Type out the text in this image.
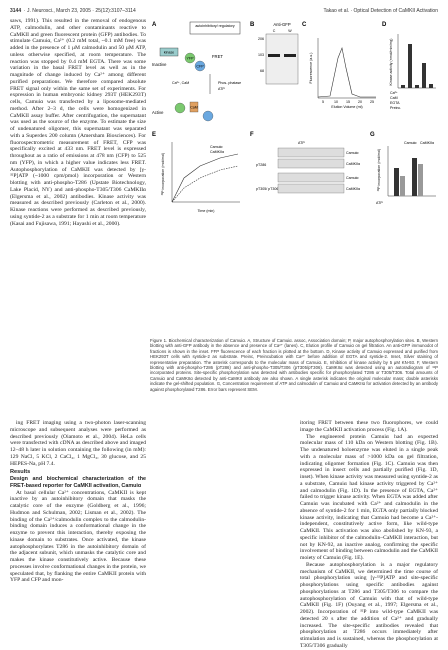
3144  · J. Neurosci., March 23, 2005 · 25(12):3107–3114	Takao et al. · Optical Detection of CaMKII Activation

saws, 1991). This resulted in the removal of endogenous ATP, calmodulin, and other contaminants reactive to CaMKII and green fluorescent protein (GFP) antibodies. To stimulate Camuiα, Ca²⁺ (0.2 mM total, ~0.1 mM free) was added in the presence of 1 μM calmodulin and 50 μM ATP, unless otherwise specified, at room temperature. The reaction was stopped by 0.4 mM EGTA. There was some variation in the basal FRET level as well as in the magnitude of change induced by Ca²⁺ among different purified preparations. We therefore compared absolute FRET signal only within the same set of experiments. For expression in human embryonic kidney 293T (HEK293T) cells, Camuiα was transfected by a liposome-mediated method. After 2–3 d, the cells were homogenized in CaMKII assay buffer. After centrifugation, the supernatant was used as the source of the enzyme. To estimate the size of undenatured oligomer, this supernatant was separated with a Superdex 200 column (Amersham Biosciences). For fluorospectrometric measurement of FRET, CFP was specifically excited at 433 nm. FRET level is expressed throughout as a ratio of emissions at 478 nm (CFP) to 525 nm (YFP), in which a higher value indicates less FRET. Autophosphorylation of CaMKII was detected by [γ-³²P]ATP (~1000 cpm/pmol) incorporation or Western blotting with anti-phospho-T286 (Upstate Biotechnology, Lake Placid, NY) and anti-phospho-T305/T306 CaMKIIα (Elgersma et al., 2002) antibodies. Kinase activity was measured as described previously (Carleton et al., 2000). Kinase reactions were performed as described previously, using syntide-2 as a substrate for 1 min at room temperature (Kasai and Fujisawa, 1991; Hayashi et al., 2000).

A	autoinhibitory/ regulatory
kinase
Inactive	CFP
YFP	FRET
Ca²⁺, CaM	Phos- phatase
ATP
Active
CaM
B	Anti-GFP
C	W
206
103
68
C
Elution Volume (ml)
Fluorescence (a.u.)
5	10 15 20 25
D
Kinase activity (nmol/min/mg)
Ca²⁺
CaM
EGTA
Preinc.
E
³²P incorporation (mol/mol)
Time (min)
Camuiα
CaMKIIα
F
ATP
pT286
pT305/ pT306
Camuiα
CaMKIIα
Camuiα
CaMKIIα
G
³²P incorporation (mol/mol)
ATP
Camuiα CaMKIIα
Figure 1. Biochemical characterization of Camuiα. A, Structure of Camuiα. assoc, Association domain; P, major autophosphorylation sites. B, Western blotting with anti-GFP antibody in the absence and presence of Ca²⁺ (lanes). C, Elution profile of Camuiα on gel filtration. An anti-GFP immunodot of fractions is shown in the inset. FFP fluorescence of each fraction is plotted at the bottom. D, Kinase activity of Camuiα expressed and purified from HEK293T cells with syntide-2 as substrate. Preinc, Preincubation with Ca²⁺ before addition of EGTA and syntide-2. Inset, Silver staining of representative preparation. The asterisk corresponds to the molecular mass of Camuiα. E, Inhibition of kinase activity by 5 μM KN-93. F, Western blotting with anti-phospho-T286 (pT286) and anti-phospho-T305/T306 (pT305/pT306). CaMKIIα was detected using an autoradiogram of ³²P incorporated proteins. Site-specific phosphorylation was detected with antibodies specific for phosphorylated T286 or T305/T306. Total amounts of Camuiα and CaMKIIα detected by anti-CaMKII antibody are also shown. A single asterisk indicates the original molecular mass; double asterisks indicate the gel-shifted population. G, Concentration requirement of ATP and calmodulin of Camuiα and CaMKIIα for activation detected by an antibody against phosphorylated T286. Error bars represent SEM.

ing FRET imaging using a two-photon laser-scanning microscope and subsequent analyses were performed as described previously (Oiamoto et al., 2004). HeLa cells were transfected with cDNA as described above and imaged 12–48 h later in solution containing the following (in mM): 129 NaCl, 5 KCl, 2 CaCl₂, 1 MgCl₂, 30 glucose, and 25 HEPES-Na, pH 7.4.

Results
Design and biochemical characterization of the FRET-based reporter for CaMKII activation, Camuiα

At basal cellular Ca²⁺ concentrations, CaMKII is kept inactive by an autoinhibitory domain that masks the catalytic core of the enzyme (Goldberg et al., 1996; Hudmon and Schulman, 2002; Lisman et al., 2002). The binding of the Ca²⁺/calmodulin complex to the calmodulin-binding domain induces a conformational change in the enzyme to prevent this interaction, thereby exposing the kinase domain to substrates. Once activated, the kinase autophosphorylates T286 in the autoinhibitory domain of the adjacent subunit, which unmasks the catalytic core and makes the kinase constitutively active. Because these processes involve conformational changes in the protein, we speculated that, by flanking the entire CaMKII protein with YFP and CFP and mon-

itoring FRET between these two fluorophores, we could image the CaMKII activation process (Fig. 1A).

The engineered protein Camuiα had an expected molecular mass of 110 kDa on Western blotting (Fig. 1B). The undenatured holoenzyme was eluted in a single peak with a molecular mass of >1000 kDa on gel filtration, indicating oligomer formation (Fig. 1C). Camuiα was then expressed in insect cells and partially purified (Fig. 1D, inset). When kinase activity was measured using syntide-2 as a substrate, Camuiα had kinase activity triggered by Ca²⁺ and calmodulin (Fig. 1D). In the presence of EGTA, Ca²⁺ failed to trigger kinase activity. When EGTA was added after Camuiα was incubated with Ca²⁺ and calmodulin in the absence of syntide-2 for 1 min, EGTA only partially blocked kinase activity, indicating that Camuiα had become a Ca²⁺-independent, constitutively active form, like wild-type CaMKII. This activation was also abolished by KN-93, a specific inhibitor of the calmodulin–CaMKII interaction, but not by KN-92, an inactive analog, confirming the specific involvement of binding between calmodulin and the CaMKII moiety of Camuiα (Fig. 1E).

Because autophosphorylation is a major regulatory mechanism of CaMKII, we determined the time course of total phosphorylation using [γ-³²P]ATP and site-specific phosphorylations using specific antibodies against phosphorylations at T286 and T305/T306 to compare the autophosphorylation of Camuiα with that of wild-type CaMKII (Fig. 1F) (Ouyang et al., 1997; Elgersma et al., 2002). Incorporation of ³²P into wild-type CaMKII was detected 20 s after the addition of Ca²⁺ and gradually increased. The site-specific antibodies revealed that phosphorylation at T286 occurs immediately after stimulation and is sustained, whereas the phosphorylation at T305/T306 gradually
